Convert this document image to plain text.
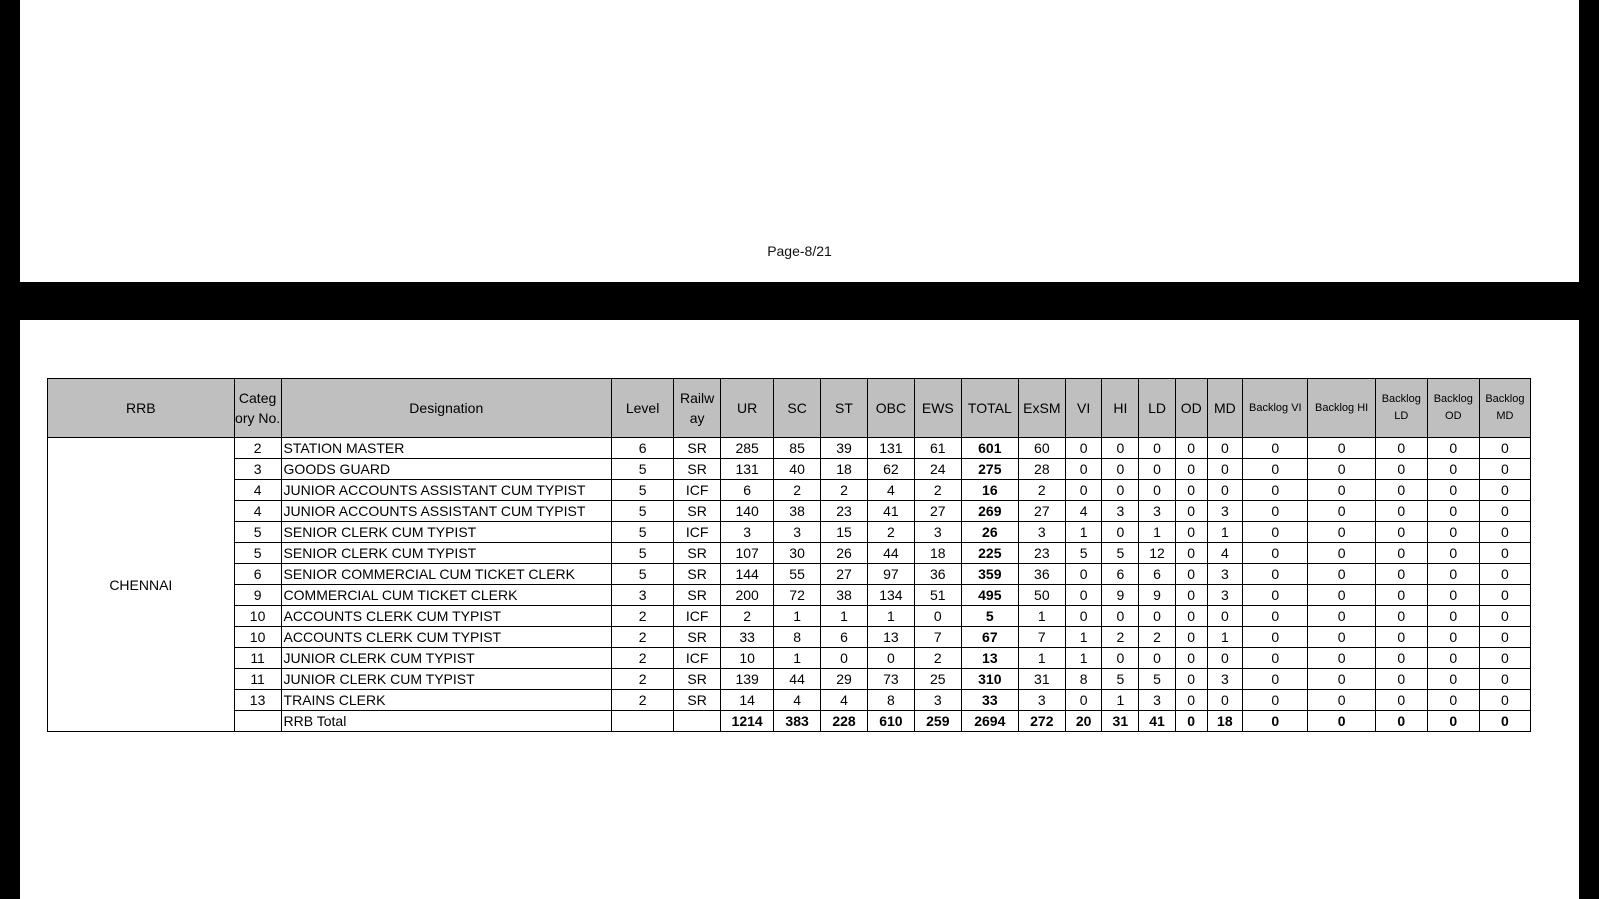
Page-8/21
RRB	Categ ory No.	Designation	Level	Railw ay	UR	SC	ST	OBC	EWS	TOTAL	ExSM	VI	HI	LD	OD	MD	Backlog VI	Backlog HI	Backlog LD	Backlog OD	Backlog MD
CHENNAI	2	STATION MASTER	6	SR	285	85	39	131	61	601	60	0	0	0	0	0	0	0	0	0	0
	3	GOODS GUARD	5	SR	131	40	18	62	24	275	28	0	0	0	0	0	0	0	0	0	0
	4	JUNIOR ACCOUNTS ASSISTANT CUM TYPIST	5	ICF	6	2	2	4	2	16	2	0	0	0	0	0	0	0	0	0	0
	4	JUNIOR ACCOUNTS ASSISTANT CUM TYPIST	5	SR	140	38	23	41	27	269	27	4	3	3	0	3	0	0	0	0	0
	5	SENIOR CLERK CUM TYPIST	5	ICF	3	3	15	2	3	26	3	1	0	1	0	1	0	0	0	0	0
	5	SENIOR CLERK CUM TYPIST	5	SR	107	30	26	44	18	225	23	5	5	12	0	4	0	0	0	0	0
	6	SENIOR COMMERCIAL CUM TICKET CLERK	5	SR	144	55	27	97	36	359	36	0	6	6	0	3	0	0	0	0	0
	9	COMMERCIAL CUM TICKET CLERK	3	SR	200	72	38	134	51	495	50	0	9	9	0	3	0	0	0	0	0
	10	ACCOUNTS CLERK CUM TYPIST	2	ICF	2	1	1	1	0	5	1	0	0	0	0	0	0	0	0	0	0
	10	ACCOUNTS CLERK CUM TYPIST	2	SR	33	8	6	13	7	67	7	1	2	2	0	1	0	0	0	0	0
	11	JUNIOR CLERK CUM TYPIST	2	ICF	10	1	0	0	2	13	1	1	0	0	0	0	0	0	0	0	0
	11	JUNIOR CLERK CUM TYPIST	2	SR	139	44	29	73	25	310	31	8	5	5	0	3	0	0	0	0	0
	13	TRAINS CLERK	2	SR	14	4	4	8	3	33	3	0	1	3	0	0	0	0	0	0	0
		RRB Total			1214	383	228	610	259	2694	272	20	31	41	0	18	0	0	0	0	0
